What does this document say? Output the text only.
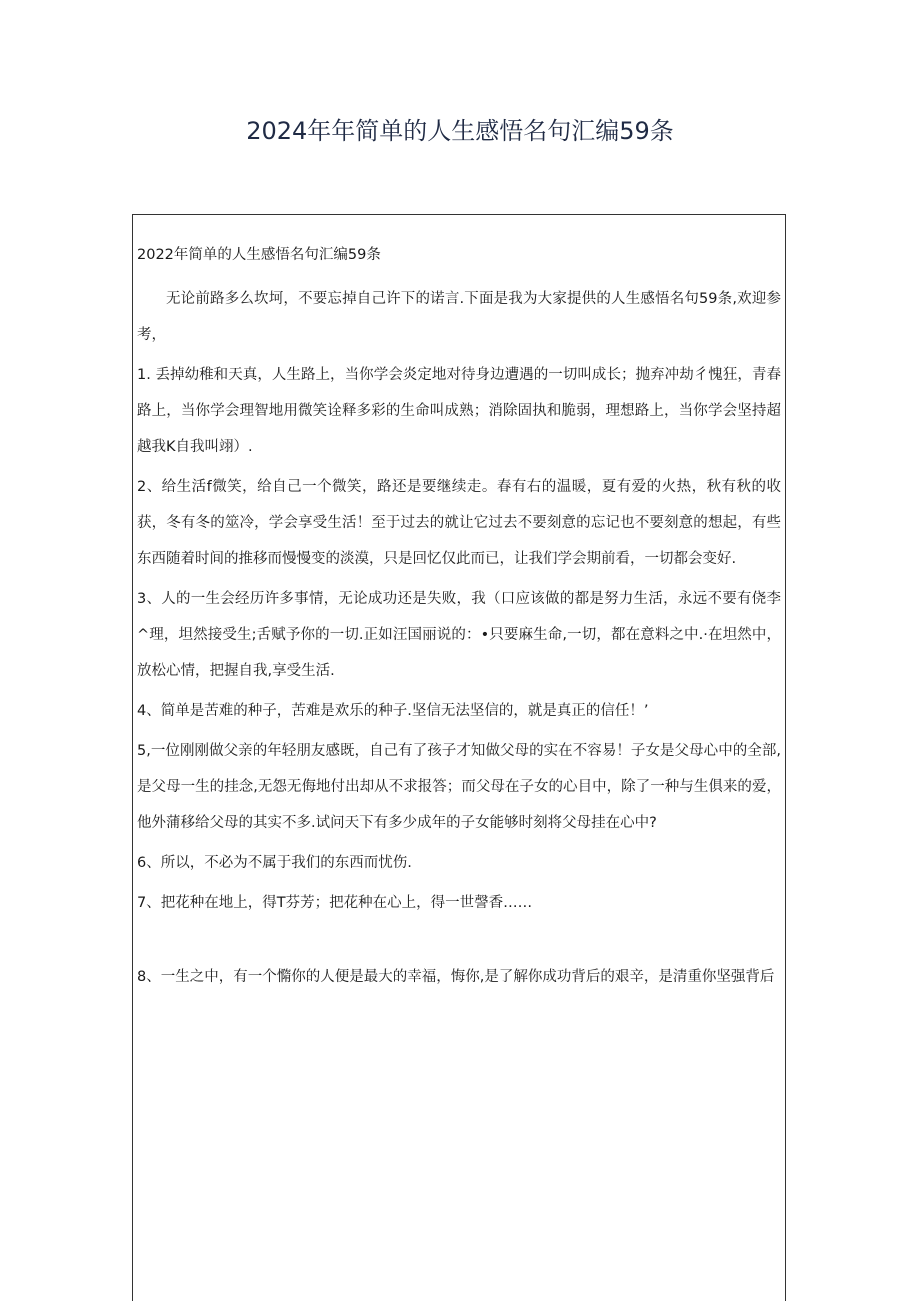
2024年年简单的人生感悟名句汇编59条

2022年简单的人生感悟名句汇编59条

无论前路多么坎坷，不要忘掉自己许下的诺言.下面是我为大家提供的人生感悟名句59条,欢迎参考，

1. 丢掉幼稚和天真，人生路上，当你学会炎定地对待身边遭遇的一切叫成长；抛弃冲劫彳愧狂，青春路上，当你学会理智地用微笑诠释多彩的生命叫成熟；消除固执和脆弱，理想路上，当你学会坚持超越我K自我叫翊）.

2、给生活f微笑，给自己一个微笑，路还是要继续走。春有右的温暖，夏有爱的火热，秋有秋的收获，冬有冬的筮冷，学会享受生活！至于过去的就让它过去不要刻意的忘记也不要刻意的想起，有些东西随着时间的推移而慢慢变的淡漠，只是回忆仅此而已，让我们学会期前看，一切都会变好.

3、人的一生会经历许多事情，无论成功还是失败，我（口应该做的都是努力生活，永远不要有侥李^理，坦然接受生;舌赋予你的一切.正如汪国丽说的：•只要麻生命,一切，都在意料之中.·在坦然中，放松心情，把握自我,享受生活.

4、简单是苦难的种子，苦难是欢乐的种子.坚信无法坚信的，就是真正的信任！’

5,一位刚刚做父亲的年轻朋友感既，自己有了孩子才知做父母的实在不容易！子女是父母心中的全部,是父母一生的挂念,无怨无侮地付出却从不求报答；而父母在子女的心目中，除了一种与生俱来的爱，他外蒲移给父母的其实不多.试问天下有多少成年的子女能够时刻将父母挂在心中?

6、所以，不必为不属于我们的东西而忧伤.

7、把花种在地上，得T芬芳；把花种在心上，得一世謦香……

8、一生之中，有一个憜你的人便是最大的幸福，悔你,是了解你成功背后的艰辛，是清重你坚强背后
